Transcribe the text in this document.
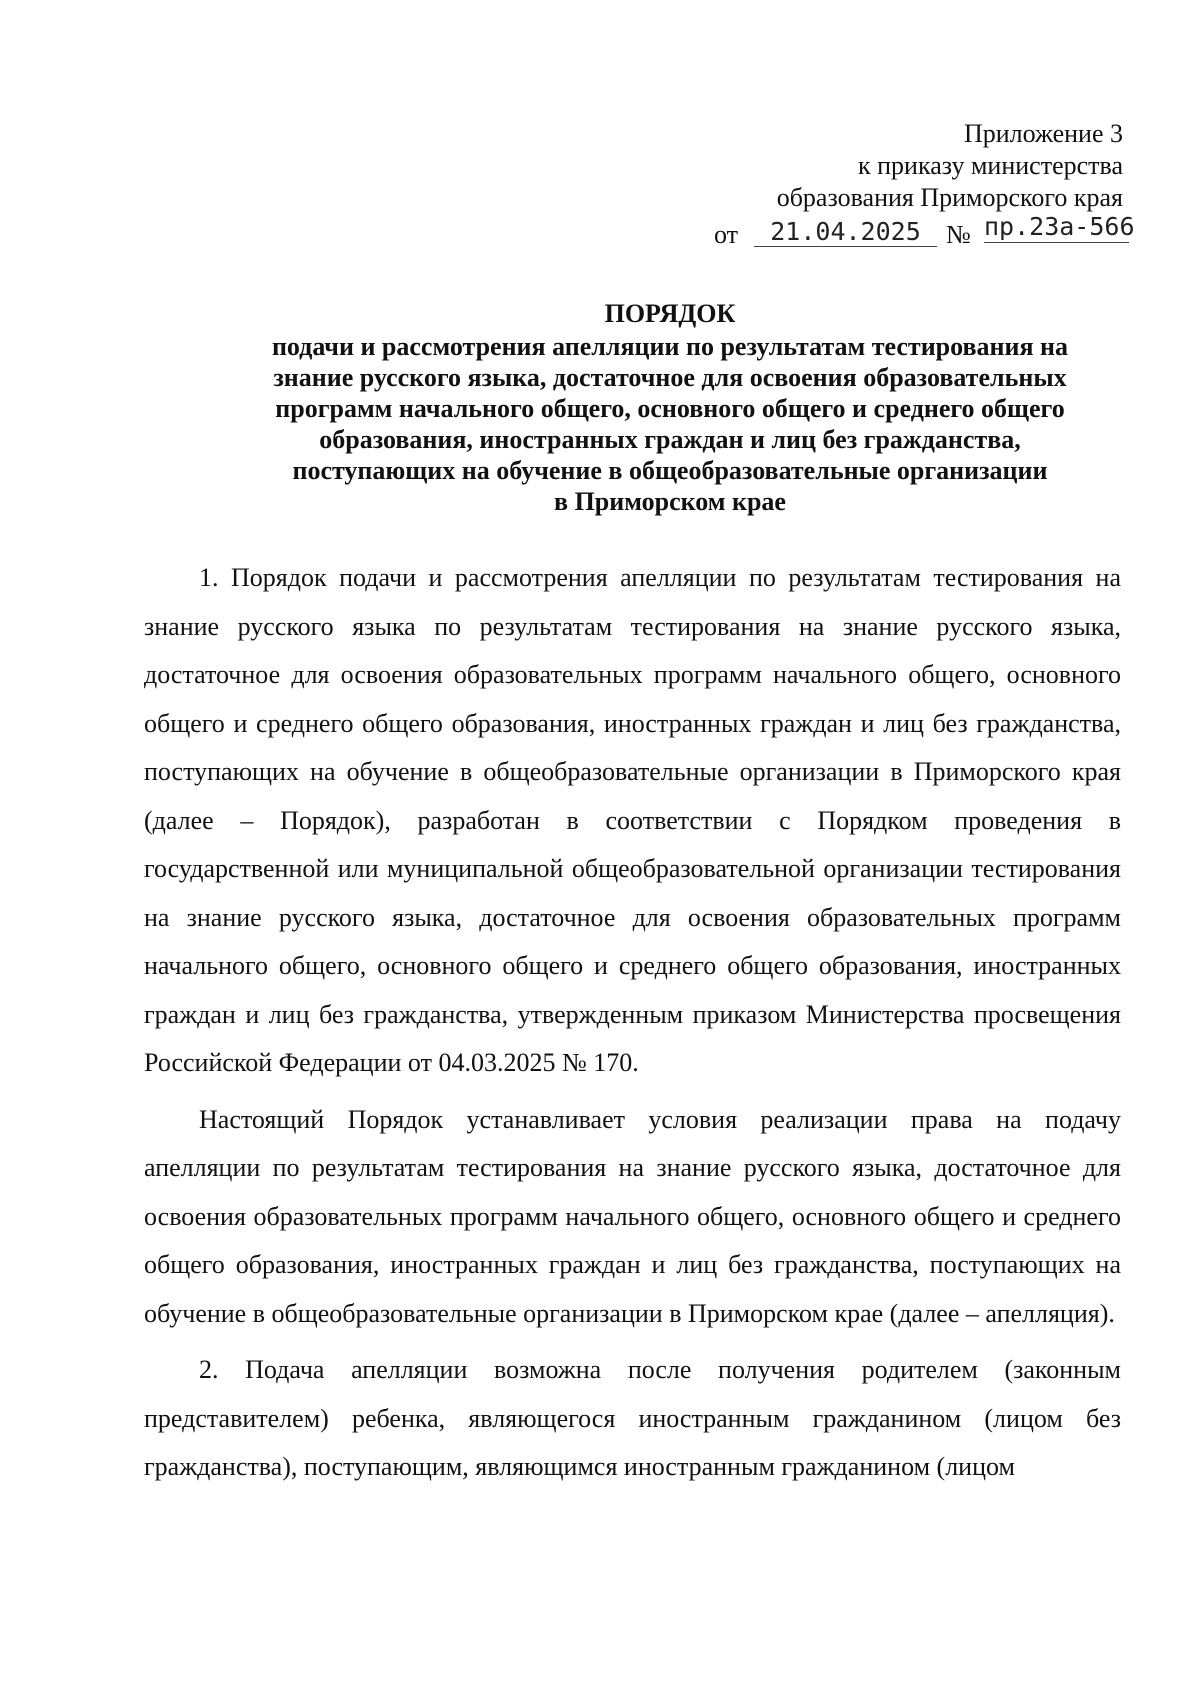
Приложение 3
к приказу министерства
образования Приморского края
от	21.04.2025 № пр.23а-566
ПОРЯДОК
подачи и рассмотрения апелляции по результатам тестирования на
знание русского языка, достаточное для освоения образовательных
программ начального общего, основного общего и среднего общего
образования, иностранных граждан и лиц без гражданства,
поступающих на обучение в общеобразовательные организации
в Приморском крае

1. Порядок подачи и рассмотрения апелляции по результатам тестирования на знание русского языка по результатам тестирования на знание русского языка, достаточное для освоения образовательных программ начального общего, основного общего и среднего общего образования, иностранных граждан и лиц без гражданства, поступающих на обучение в общеобразовательные организации в Приморского края (далее – Порядок), разработан в соответствии с Порядком проведения в государственной или муниципальной общеобразовательной организации тестирования на знание русского языка, достаточное для освоения образовательных программ начального общего, основного общего и среднего общего образования, иностранных граждан и лиц без гражданства, утвержденным приказом Министерства просвещения Российской Федерации от 04.03.2025 № 170.

Настоящий Порядок устанавливает условия реализации права на подачу апелляции по результатам тестирования на знание русского языка, достаточное для освоения образовательных программ начального общего, основного общего и среднего общего образования, иностранных граждан и лиц без гражданства, поступающих на обучение в общеобразовательные организации в Приморском крае (далее – апелляция).

2. Подача апелляции возможна после получения родителем (законным представителем) ребенка, являющегося иностранным гражданином (лицом без гражданства), поступающим, являющимся иностранным гражданином (лицом
